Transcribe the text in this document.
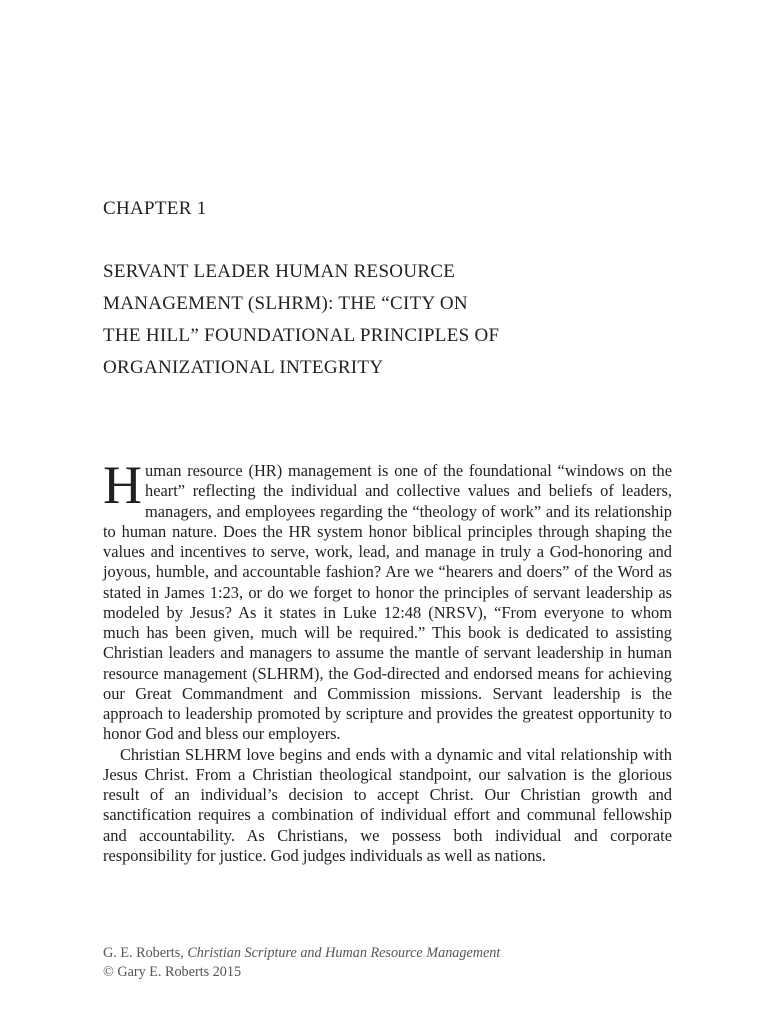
CHAPTER 1
SERVANT LEADER HUMAN RESOURCE
MANAGEMENT (SLHRM): THE “CITY ON
THE HILL” FOUNDATIONAL PRINCIPLES OF
ORGANIZATIONAL INTEGRITY

Human resource (HR) management is one of the foundational “windows on the heart” reflecting the individual and collective values and beliefs of leaders, managers, and employees regarding the “theology of work” and its relationship to human nature. Does the HR system honor biblical principles through shaping the values and incentives to serve, work, lead, and manage in truly a God-honoring and joyous, humble, and accountable fashion? Are we “hearers and doers” of the Word as stated in James 1:23, or do we forget to honor the principles of servant leadership as modeled by Jesus? As it states in Luke 12:48 (NRSV), “From everyone to whom much has been given, much will be required.” This book is dedicated to assisting Christian leaders and managers to assume the mantle of servant leadership in human resource management (SLHRM), the God-directed and endorsed means for achieving our Great Commandment and Commission missions. Servant leadership is the approach to leadership promoted by scripture and provides the greatest opportunity to honor God and bless our employers.

Christian SLHRM love begins and ends with a dynamic and vital relationship with Jesus Christ. From a Christian theological standpoint, our salvation is the glorious result of an individual’s decision to accept Christ. Our Christian growth and sanctification requires a combination of individual effort and communal fellowship and accountability. As Christians, we possess both individual and corporate responsibility for justice. God judges individuals as well as nations.

G. E. Roberts, Christian Scripture and Human Resource Management
© Gary E. Roberts 2015
